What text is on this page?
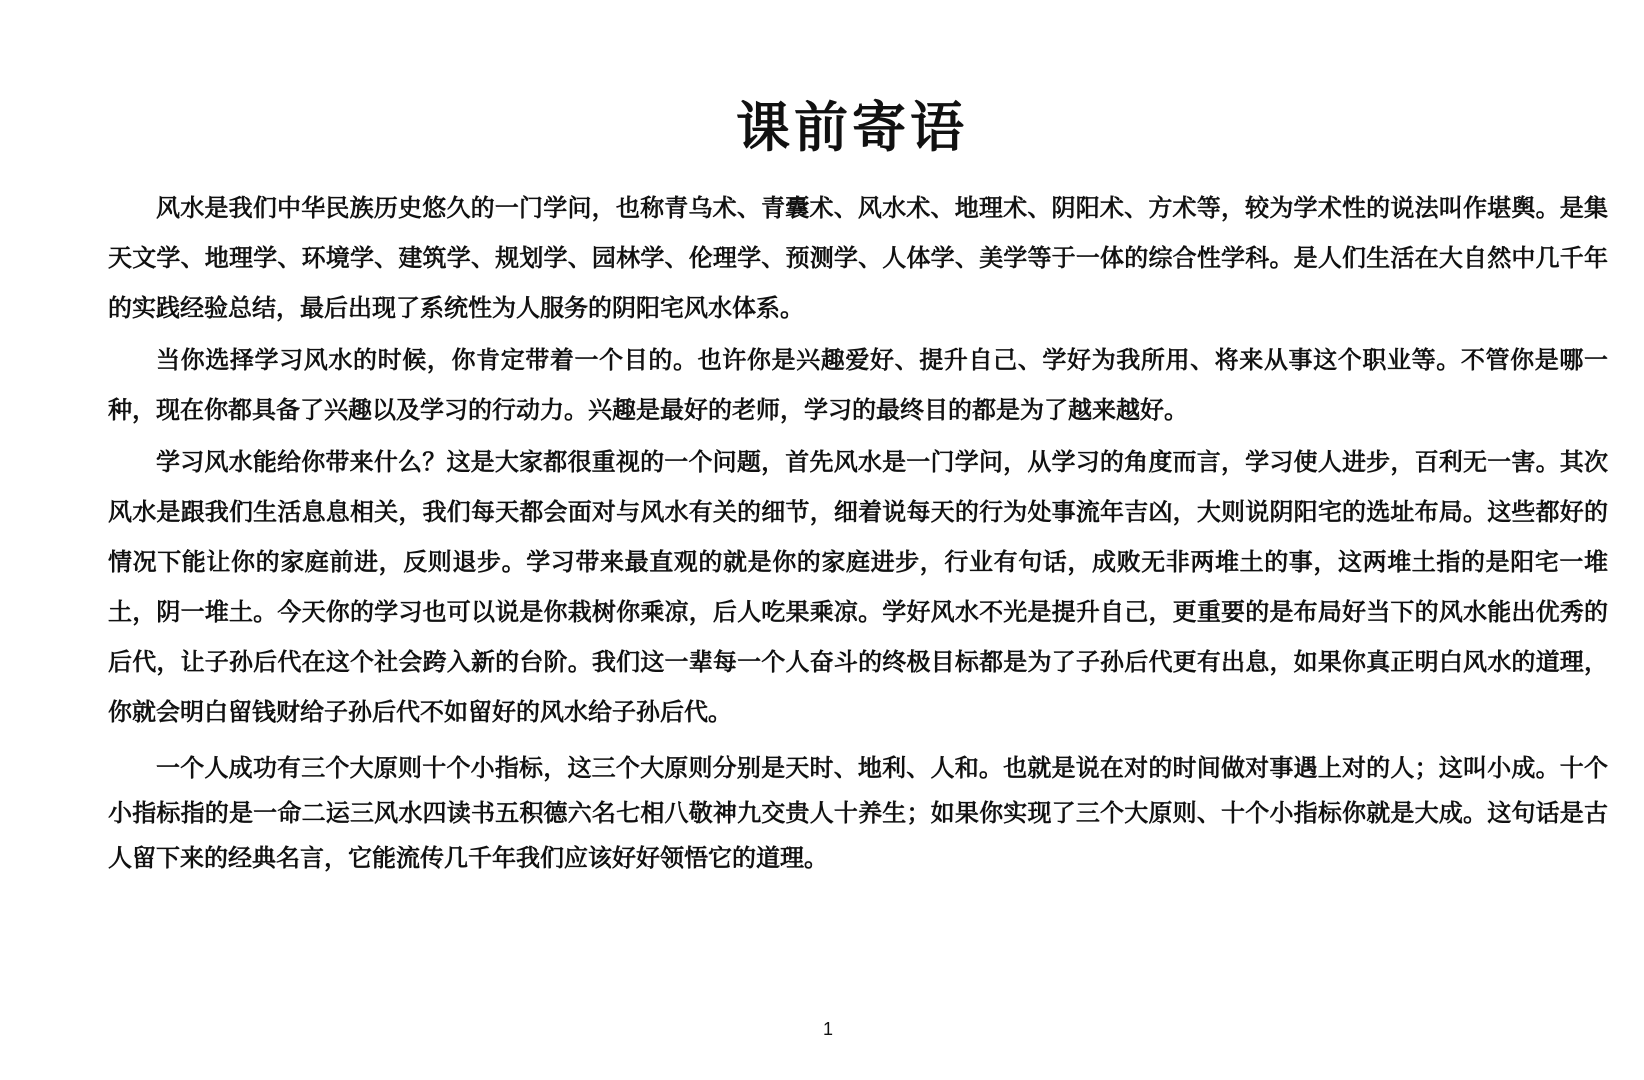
课前寄语

风水是我们中华民族历史悠久的一门学问，也称青乌术、青囊术、风水术、地理术、阴阳术、方术等，较为学术性的说法叫作堪舆。是集天文学、地理学、环境学、建筑学、规划学、园林学、伦理学、预测学、人体学、美学等于一体的综合性学科。是人们生活在大自然中几千年的实践经验总结，最后出现了系统性为人服务的阴阳宅风水体系。

当你选择学习风水的时候，你肯定带着一个目的。也许你是兴趣爱好、提升自己、学好为我所用、将来从事这个职业等。不管你是哪一种，现在你都具备了兴趣以及学习的行动力。兴趣是最好的老师，学习的最终目的都是为了越来越好。

学习风水能给你带来什么？这是大家都很重视的一个问题，首先风水是一门学问，从学习的角度而言，学习使人进步，百利无一害。其次风水是跟我们生活息息相关，我们每天都会面对与风水有关的细节，细着说每天的行为处事流年吉凶，大则说阴阳宅的选址布局。这些都好的情况下能让你的家庭前进，反则退步。学习带来最直观的就是你的家庭进步，行业有句话，成败无非两堆土的事，这两堆土指的是阳宅一堆土，阴一堆土。今天你的学习也可以说是你栽树你乘凉，后人吃果乘凉。学好风水不光是提升自己，更重要的是布局好当下的风水能出优秀的后代，让子孙后代在这个社会跨入新的台阶。我们这一辈每一个人奋斗的终极目标都是为了子孙后代更有出息，如果你真正明白风水的道理，你就会明白留钱财给子孙后代不如留好的风水给子孙后代。

一个人成功有三个大原则十个小指标，这三个大原则分别是天时、地利、人和。也就是说在对的时间做对事遇上对的人；这叫小成。十个小指标指的是一命二运三风水四读书五积德六名七相八敬神九交贵人十养生；如果你实现了三个大原则、十个小指标你就是大成。这句话是古人留下来的经典名言，它能流传几千年我们应该好好领悟它的道理。

1
